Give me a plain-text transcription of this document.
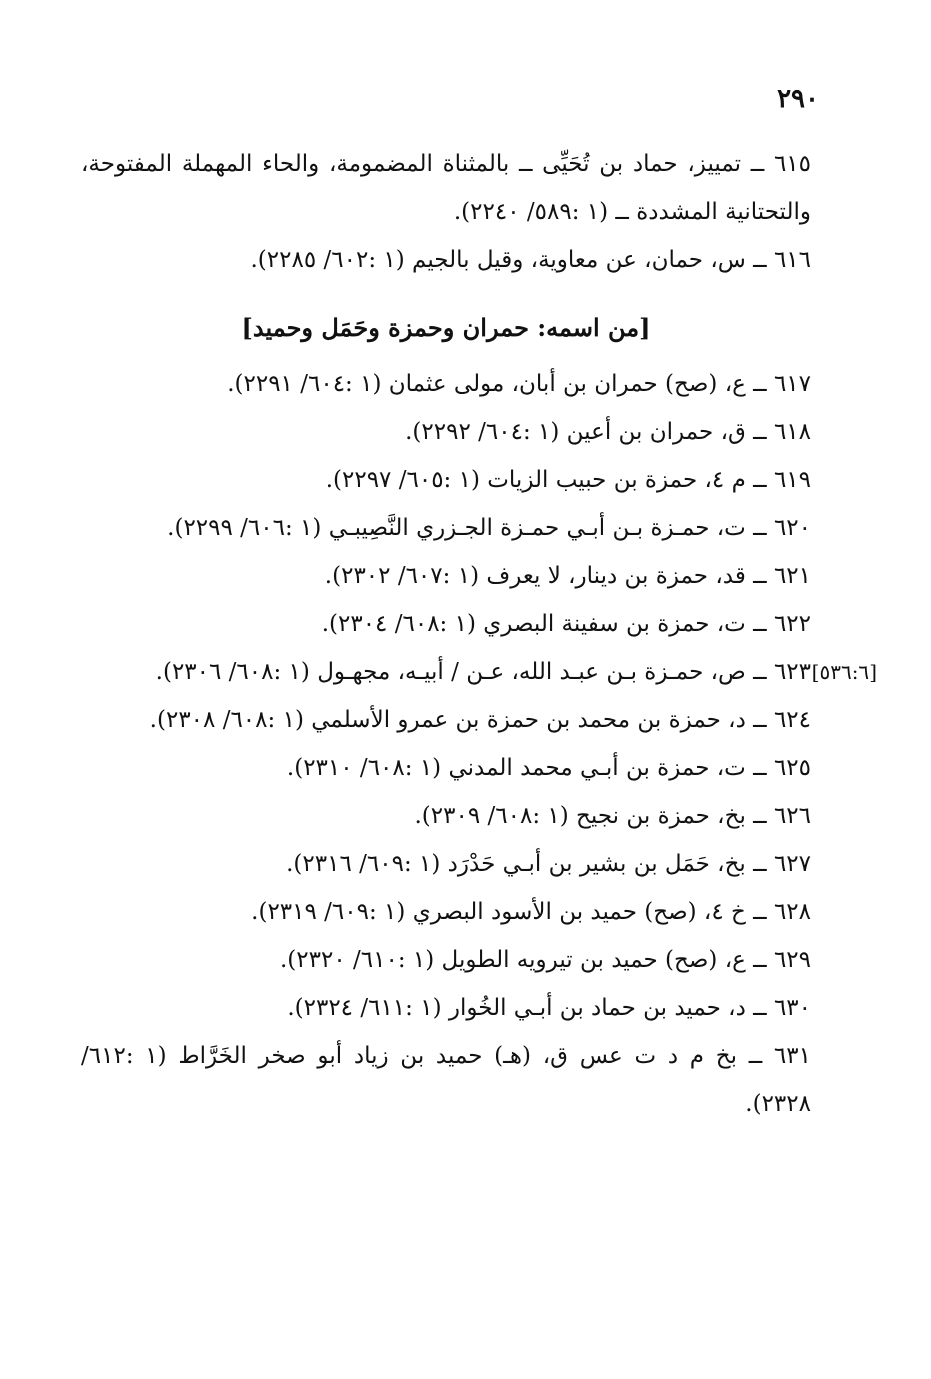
٢٩٠

٦١٥ ــ تمييز، حماد بن تُحَيِّى ــ بالمثناة المضمومة، والحاء المهملة المفتوحة، والتحتانية المشددة ــ (١ :٥٨٩/ ٢٢٤٠).

٦١٦ ــ س، حمان، عن معاوية، وقيل بالجيم (١ :٦٠٢/ ٢٢٨٥).

[من اسمه: حمران وحمزة وحَمَل وحميد]

٦١٧ ــ ع، (صح) حمران بن أبان، مولى عثمان (١ :٦٠٤/ ٢٢٩١).

٦١٨ ــ ق، حمران بن أعين (١ :٦٠٤/ ٢٢٩٢).

٦١٩ ــ م ٤، حمزة بن حبيب الزيات (١ :٦٠٥/ ٢٢٩٧).

٦٢٠ ــ ت، حمـزة بـن أبـي حمـزة الجـزري النَّصِيبـي (١ :٦٠٦/ ٢٢٩٩).

٦٢١ ــ قد، حمزة بن دينار، لا يعرف (١ :٦٠٧/ ٢٣٠٢).

٦٢٢ ــ ت، حمزة بن سفينة البصري (١ :٦٠٨/ ٢٣٠٤).

[٥٣٦:٦]

٦٢٣ ــ ص، حمـزة بـن عبـد الله، عـن / أبيـه، مجهـول (١ :٦٠٨/ ٢٣٠٦).

٦٢٤ ــ د، حمزة بن محمد بن حمزة بن عمرو الأسلمي (١ :٦٠٨/ ٢٣٠٨).

٦٢٥ ــ ت، حمزة بن أبـي محمد المدني (١ :٦٠٨/ ٢٣١٠).

٦٢٦ ــ بخ، حمزة بن نجيح (١ :٦٠٨/ ٢٣٠٩).

٦٢٧ ــ بخ، حَمَل بن بشير بن أبـي حَدْرَد (١ :٦٠٩/ ٢٣١٦).

٦٢٨ ــ خ ٤، (صح) حميد بن الأسود البصري (١ :٦٠٩/ ٢٣١٩).

٦٢٩ ــ ع، (صح) حميد بن تيرويه الطويل (١ :٦١٠/ ٢٣٢٠).

٦٣٠ ــ د، حميد بن حماد بن أبـي الخُوار (١ :٦١١/ ٢٣٢٤).

٦٣١ ــ بخ م د ت عس ق، (هـ) حميد بن زياد أبو صخر الخَرَّاط (١ :٦١٢/ ٢٣٢٨).
